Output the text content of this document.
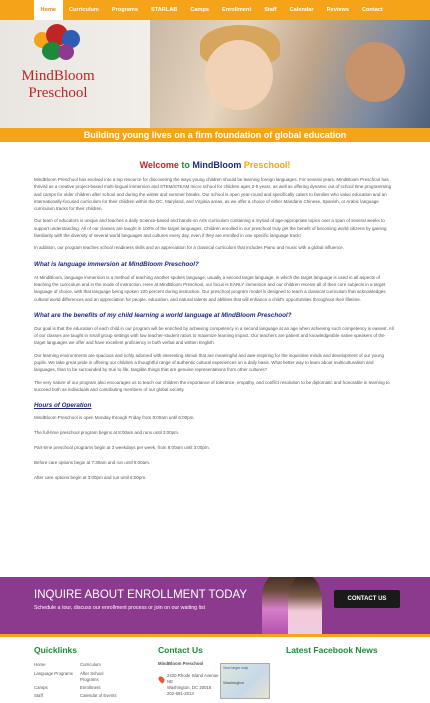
Home	Curriculum	Programs	STARLAB	Camps	Enrollment	Staff	Calendar	Reviews	Contact
MindBloom
Preschool
Building young lives on a firm foundation of global education
Welcome to MindBloom Preschool!

MindBloom Preschool has evolved into a top resource for discovering the ways young children should be learning foreign languages. For several years, MindBloom Preschool has thrived as a creative project-based multi-lingual immersion and STEM/STEAM micro school for children ages 2-5 years, as well as offering dynamic out of school time programming and camps for older children after school and during the winter and summer breaks. Our school is open year-round and specifically caters to families who value education and an internationally-focused curriculum for their children within the DC, Maryland, and Virginia areas, as we offer a choice of either Mandarin Chinese, Spanish, or Arabic language curriculum tracks for their children.

Our team of educators is unique and teaches a daily Science-based and hands-on Arts curriculum containing a myriad of age-appropriate topics over a span of several weeks to support understanding. All of our classes are taught in 100% of the target languages. Children enrolled in our preschool truly get the benefit of becoming world citizens by gaining familiarity with the diversity of several world languages and cultures every day, even if they are enrolled in one specific language track!

In addition, our program teaches school readiness skills and an appreciation for a classical curriculum that includes Piano and music with a global influence.

What is language immersion at MindBloom Preschool?

At MindBloom, language immersion is a method of teaching another spoken language, usually a second target language, in which the target language is used in all aspects of teaching the curriculum and in the mode of instruction. Here at MindBloom Preschool, our focus is EARLY immersion and our children receive all of their core subjects in a target language of choice, with that language being spoken 100 percent during instruction. Our preschool program model is designed to teach a classical curriculum that acknowledges cultural world differences and an appreciation for people, education, and natural talents and abilities that will enhance a child's opportunities throughout their lifetime.

What are the benefits of my child learning a world language at MindBloom Preschool?

Our goal is that the education of each child in our program will be enriched by achieving competency in a second language at an age when achieving such competency is easiest. All of our classes are taught in small group settings with low teacher-student ratios to maximize learning impact. Our teachers are patient and knowledgeable native speakers of the target languages we offer and have excellent proficiency in both verbal and written English.

Our learning environments are spacious and richly adorned with interesting stimuli that are meaningful and awe-inspiring for the inquisitive minds and development of our young pupils. We take great pride in offering our children a thoughtful range of authentic cultural experiences on a daily basis. What better way to learn about multiculturalism and languages, than to be surrounded by true to life, tangible things that are genuine representations from other cultures?

The very nature of our program also encourages us to teach our children the importance of tolerance, empathy, and conflict resolution to be diplomatic and honorable in learning to succeed both as individuals and contributing members of our global society.

Hours of Operation
MindBloom Preschool is open Monday through Friday from 8:00am until 6:00pm.
The full-time preschool program begins at 8:00am and runs until 3:00pm.
Part-time preschool programs begin at 3 weekdays per week, from 8:00am until 3:00pm.
Before care options begin at 7:30am and run until 8:00am.
After care options begin at 3:00pm and run until 6:00pm.
INQUIRE ABOUT ENROLLMENT TODAY
Schedule a tour, discuss our enrollment process or join on our waiting list
CONTACT US
Quicklinks
Home
Language Programs
Camps
Staff
Curriculum
After School Programs
Enrollment
Calendar of Events
Contact Us
MindBloom Preschool
2420 Rhode Island Avenue NE
Washington, DC 20018
202-691-2013
View larger map
Washington
Latest Facebook News
